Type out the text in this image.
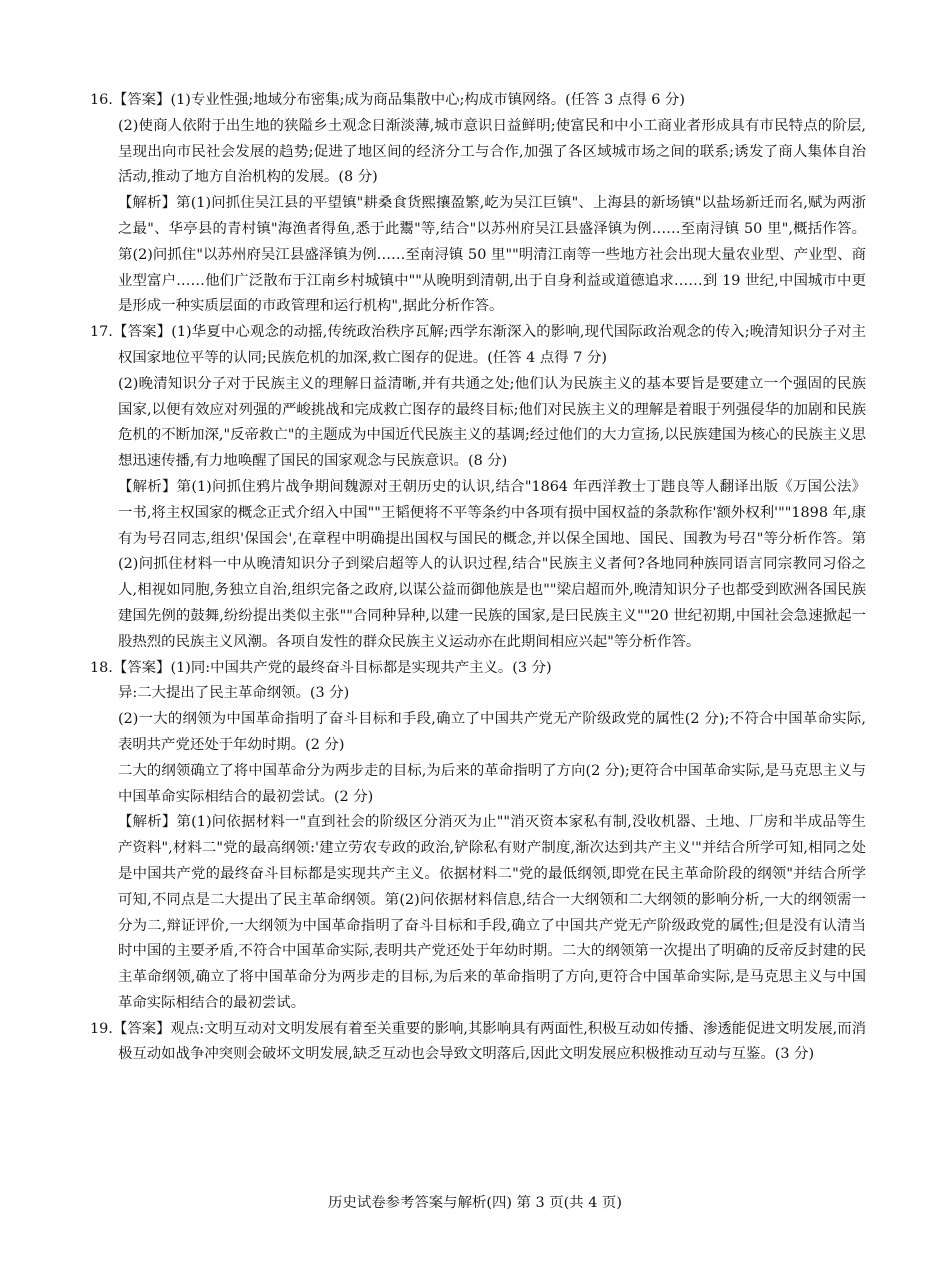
16.【答案】(1)专业性强;地域分布密集;成为商品集散中心;构成市镇网络。(任答 3 点得 6 分)

(2)使商人依附于出生地的狭隘乡土观念日渐淡薄,城市意识日益鲜明;使富民和中小工商业者形成具有市民特点的阶层,呈现出向市民社会发展的趋势;促进了地区间的经济分工与合作,加强了各区域城市场之间的联系;诱发了商人集体自治活动,推动了地方自治机构的发展。(8 分)

【解析】第(1)问抓住吴江县的平望镇"耕桑食货熙攘盈繁,屹为吴江巨镇"、上海县的新场镇"以盐场新迁而名,赋为两浙之最"、华亭县的青村镇"海渔者得鱼,悉于此鬻"等,结合"以苏州府吴江县盛泽镇为例……至南浔镇 50 里",概括作答。第(2)问抓住"以苏州府吴江县盛泽镇为例……至南浔镇 50 里""明清江南等一些地方社会出现大量农业型、产业型、商业型富户……他们广泛散布于江南乡村城镇中""从晚明到清朝,出于自身利益或道德追求……到 19 世纪,中国城市中更是形成一种实质层面的市政管理和运行机构",据此分析作答。

17.【答案】(1)华夏中心观念的动摇,传统政治秩序瓦解;西学东渐深入的影响,现代国际政治观念的传入;晚清知识分子对主权国家地位平等的认同;民族危机的加深,救亡图存的促进。(任答 4 点得 7 分)

(2)晚清知识分子对于民族主义的理解日益清晰,并有共通之处;他们认为民族主义的基本要旨是要建立一个强固的民族国家,以便有效应对列强的严峻挑战和完成救亡图存的最终目标;他们对民族主义的理解是着眼于列强侵华的加剧和民族危机的不断加深,"反帝救亡"的主题成为中国近代民族主义的基调;经过他们的大力宣扬,以民族建国为核心的民族主义思想迅速传播,有力地唤醒了国民的国家观念与民族意识。(8 分)

【解析】第(1)问抓住鸦片战争期间魏源对王朝历史的认识,结合"1864 年西洋教士丁韪良等人翻译出版《万国公法》一书,将主权国家的概念正式介绍入中国""王韬便将不平等条约中各项有损中国权益的条款称作'额外权利'""1898 年,康有为号召同志,组织'保国会',在章程中明确提出国权与国民的概念,并以保全国地、国民、国教为号召"等分析作答。第(2)问抓住材料一中从晚清知识分子到梁启超等人的认识过程,结合"民族主义者何?各地同种族同语言同宗教同习俗之人,相视如同胞,务独立自治,组织完备之政府,以谋公益而御他族是也""梁启超而外,晚清知识分子也都受到欧洲各国民族建国先例的鼓舞,纷纷提出类似主张""合同种异种,以建一民族的国家,是曰民族主义""20 世纪初期,中国社会急速掀起一股热烈的民族主义风潮。各项自发性的群众民族主义运动亦在此期间相应兴起"等分析作答。

18.【答案】(1)同:中国共产党的最终奋斗目标都是实现共产主义。(3 分)

异:二大提出了民主革命纲领。(3 分)

(2)一大的纲领为中国革命指明了奋斗目标和手段,确立了中国共产党无产阶级政党的属性(2 分);不符合中国革命实际,表明共产党还处于年幼时期。(2 分)

二大的纲领确立了将中国革命分为两步走的目标,为后来的革命指明了方向(2 分);更符合中国革命实际,是马克思主义与中国革命实际相结合的最初尝试。(2 分)

【解析】第(1)问依据材料一"直到社会的阶级区分消灭为止""消灭资本家私有制,没收机器、土地、厂房和半成品等生产资料",材料二"党的最高纲领:'建立劳农专政的政治,铲除私有财产制度,渐次达到共产主义'"并结合所学可知,相同之处是中国共产党的最终奋斗目标都是实现共产主义。依据材料二"党的最低纲领,即党在民主革命阶段的纲领"并结合所学可知,不同点是二大提出了民主革命纲领。第(2)问依据材料信息,结合一大纲领和二大纲领的影响分析,一大的纲领需一分为二,辩证评价,一大纲领为中国革命指明了奋斗目标和手段,确立了中国共产党无产阶级政党的属性;但是没有认清当时中国的主要矛盾,不符合中国革命实际,表明共产党还处于年幼时期。二大的纲领第一次提出了明确的反帝反封建的民主革命纲领,确立了将中国革命分为两步走的目标,为后来的革命指明了方向,更符合中国革命实际,是马克思主义与中国革命实际相结合的最初尝试。

19.【答案】观点:文明互动对文明发展有着至关重要的影响,其影响具有两面性,积极互动如传播、渗透能促进文明发展,而消极互动如战争冲突则会破坏文明发展,缺乏互动也会导致文明落后,因此文明发展应积极推动互动与互鉴。(3 分)

历史试卷参考答案与解析(四) 第 3 页(共 4 页)
